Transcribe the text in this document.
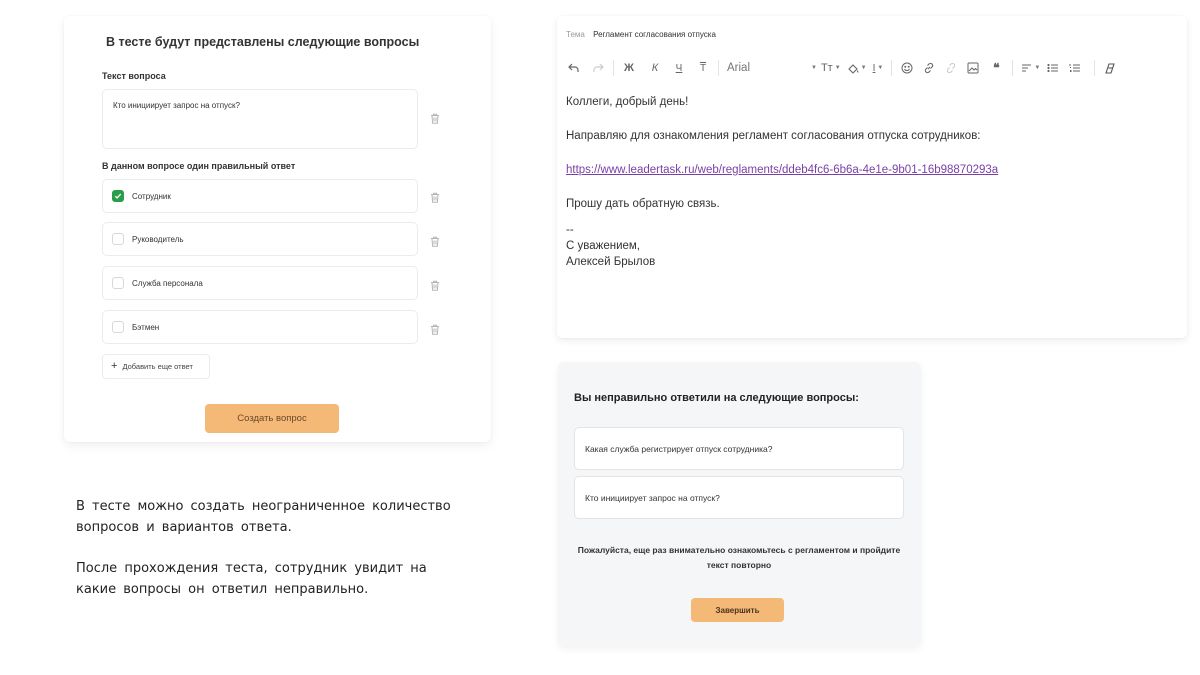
В тесте будут представлены следующие вопросы
Текст вопроса
Кто инициирует запрос на отпуск?
В данном вопросе один правильный ответ
Сотрудник
Руководитель
Служба персонала
Бэтмен
+ Добавить еще ответ
Создать вопрос

В тесте можно создать неограниченное количество вопросов и вариантов ответа.

После прохождения теста, сотрудник увидит на какие вопросы он ответил неправильно.

Тема Регламент согласования отпуска
Ж	К	Ч	Т	Arial	▼ Tт ▼	▼ I ▼	❝	▼

Коллеги, добрый день!

Направляю для ознакомления регламент согласования отпуска сотрудников:

https://www.leadertask.ru/web/reglaments/ddeb4fc6-6b6a-4e1e-9b01-16b98870293a

Прошу дать обратную связь.

--

С уважением,

Алексей Брылов

Вы неправильно ответили на следующие вопросы:
Какая служба регистрирует отпуск сотрудника?
Кто инициирует запрос на отпуск?
Пожалуйста, еще раз внимательно ознакомьтесь с регламентом и пройдите текст повторно
Завершить
